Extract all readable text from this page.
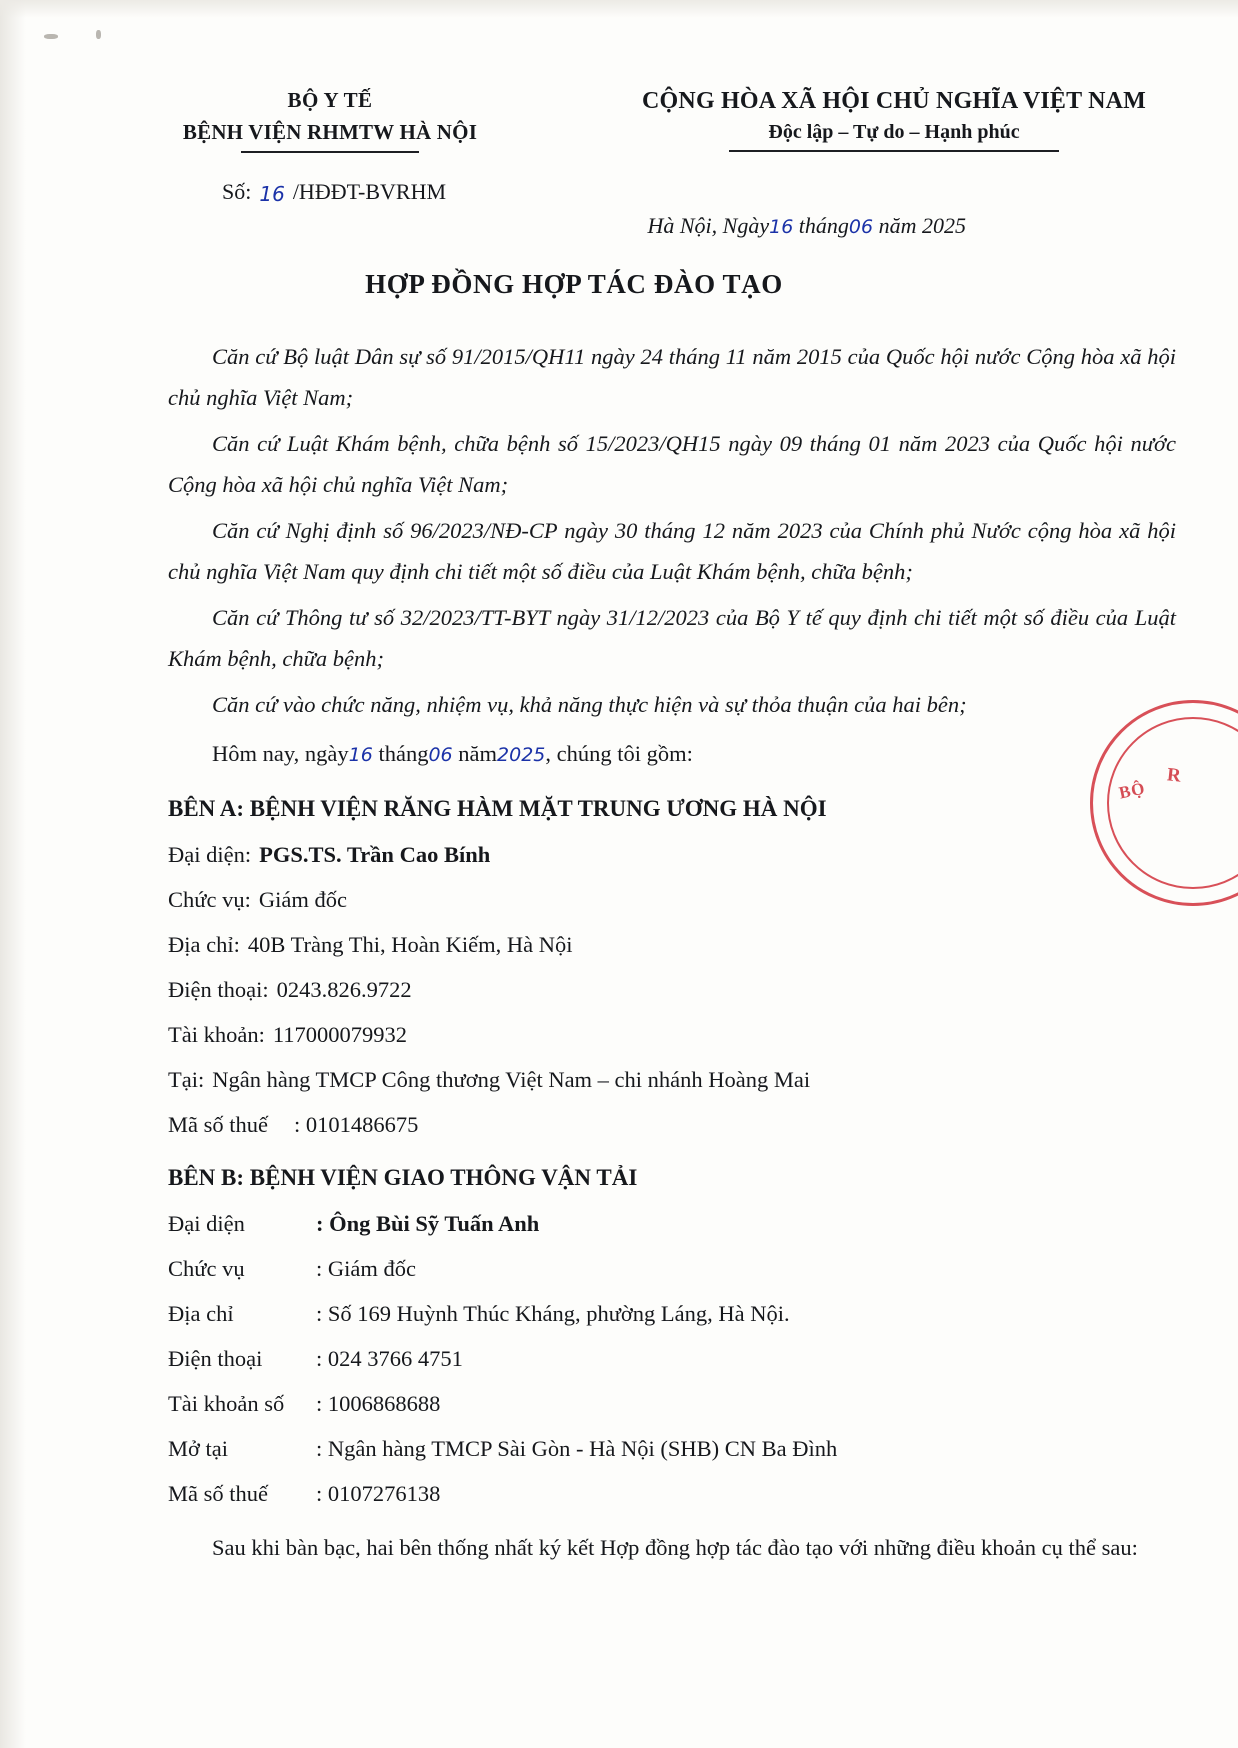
BỘ Y TẾ
BỆNH VIỆN RHMTW HÀ NỘI
CỘNG HÒA XÃ HỘI CHỦ NGHĨA VIỆT NAM
Độc lập – Tự do – Hạnh phúc
Số: 16 /HĐĐT-BVRHM
Hà Nội, Ngày16 tháng06 năm 2025
HỢP ĐỒNG HỢP TÁC ĐÀO TẠO

Căn cứ Bộ luật Dân sự số 91/2015/QH11 ngày 24 tháng 11 năm 2015 của Quốc hội nước Cộng hòa xã hội chủ nghĩa Việt Nam;

Căn cứ Luật Khám bệnh, chữa bệnh số 15/2023/QH15 ngày 09 tháng 01 năm 2023 của Quốc hội nước Cộng hòa xã hội chủ nghĩa Việt Nam;

Căn cứ Nghị định số 96/2023/NĐ-CP ngày 30 tháng 12 năm 2023 của Chính phủ Nước cộng hòa xã hội chủ nghĩa Việt Nam quy định chi tiết một số điều của Luật Khám bệnh, chữa bệnh;

Căn cứ Thông tư số 32/2023/TT-BYT ngày 31/12/2023 của Bộ Y tế quy định chi tiết một số điều của Luật Khám bệnh, chữa bệnh;

Căn cứ vào chức năng, nhiệm vụ, khả năng thực hiện và sự thỏa thuận của hai bên;

Hôm nay, ngày16 tháng06 năm2025, chúng tôi gồm:

BÊN A: BỆNH VIỆN RĂNG HÀM MẶT TRUNG ƯƠNG HÀ NỘI

Đại diện: PGS.TS. Trần Cao Bính

Chức vụ: Giám đốc

Địa chỉ: 40B Tràng Thi, Hoàn Kiếm, Hà Nội

Điện thoại: 0243.826.9722

Tài khoản: 117000079932

Tại: Ngân hàng TMCP Công thương Việt Nam – chi nhánh Hoàng Mai

Mã số thuế : 0101486675

BÊN B: BỆNH VIỆN GIAO THÔNG VẬN TẢI

Đại diện	: Ông Bùi Sỹ Tuấn Anh

Chức vụ	: Giám đốc

Địa chỉ	: Số 169 Huỳnh Thúc Kháng, phường Láng, Hà Nội.

Điện thoại	: 024 3766 4751

Tài khoản số	: 1006868688

Mở tại	: Ngân hàng TMCP Sài Gòn - Hà Nội (SHB) CN Ba Đình

Mã số thuế	: 0107276138

Sau khi bàn bạc, hai bên thống nhất ký kết Hợp đồng hợp tác đào tạo với những điều khoản cụ thể sau:

BỘ
R
